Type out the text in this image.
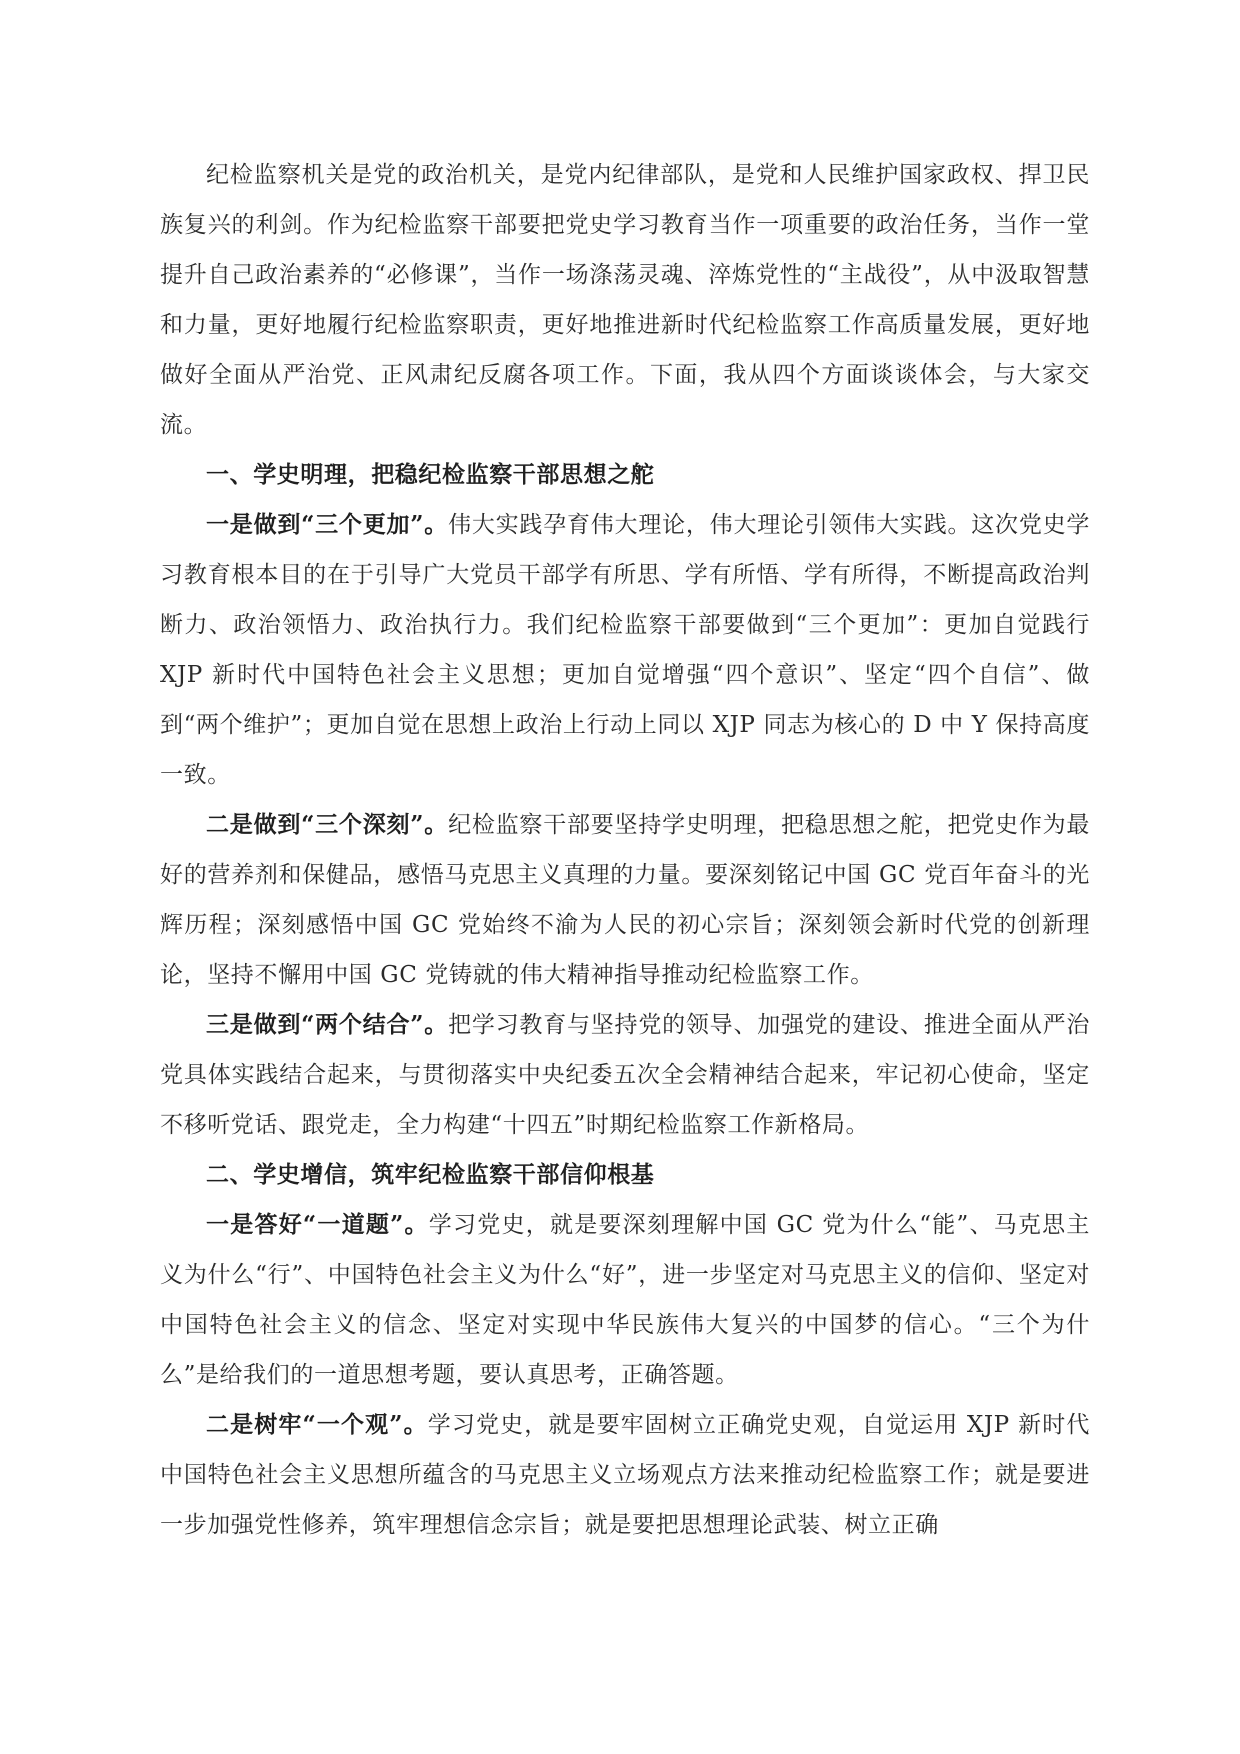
纪检监察机关是党的政治机关，是党内纪律部队，是党和人民维护国家政权、捍卫民族复兴的利剑。作为纪检监察干部要把党史学习教育当作一项重要的政治任务，当作一堂提升自己政治素养的“必修课”，当作一场涤荡灵魂、淬炼党性的“主战役”，从中汲取智慧和力量，更好地履行纪检监察职责，更好地推进新时代纪检监察工作高质量发展，更好地做好全面从严治党、正风肃纪反腐各项工作。下面，我从四个方面谈谈体会，与大家交流。

一、学史明理，把稳纪检监察干部思想之舵

一是做到“三个更加”。伟大实践孕育伟大理论，伟大理论引领伟大实践。这次党史学习教育根本目的在于引导广大党员干部学有所思、学有所悟、学有所得，不断提高政治判断力、政治领悟力、政治执行力。我们纪检监察干部要做到“三个更加”：更加自觉践行 XJP 新时代中国特色社会主义思想；更加自觉增强“四个意识”、坚定“四个自信”、做到“两个维护”；更加自觉在思想上政治上行动上同以 XJP 同志为核心的 D 中 Y 保持高度一致。

二是做到“三个深刻”。纪检监察干部要坚持学史明理，把稳思想之舵，把党史作为最好的营养剂和保健品，感悟马克思主义真理的力量。要深刻铭记中国 GC 党百年奋斗的光辉历程；深刻感悟中国 GC 党始终不渝为人民的初心宗旨；深刻领会新时代党的创新理论，坚持不懈用中国 GC 党铸就的伟大精神指导推动纪检监察工作。

三是做到“两个结合”。把学习教育与坚持党的领导、加强党的建设、推进全面从严治党具体实践结合起来，与贯彻落实中央纪委五次全会精神结合起来，牢记初心使命，坚定不移听党话、跟党走，全力构建“十四五”时期纪检监察工作新格局。

二、学史增信，筑牢纪检监察干部信仰根基

一是答好“一道题”。学习党史，就是要深刻理解中国 GC 党为什么“能”、马克思主义为什么“行”、中国特色社会主义为什么“好”，进一步坚定对马克思主义的信仰、坚定对中国特色社会主义的信念、坚定对实现中华民族伟大复兴的中国梦的信心。“三个为什么”是给我们的一道思想考题，要认真思考，正确答题。

二是树牢“一个观”。学习党史，就是要牢固树立正确党史观，自觉运用 XJP 新时代中国特色社会主义思想所蕴含的马克思主义立场观点方法来推动纪检监察工作；就是要进一步加强党性修养，筑牢理想信念宗旨；就是要把思想理论武装、树立正确
